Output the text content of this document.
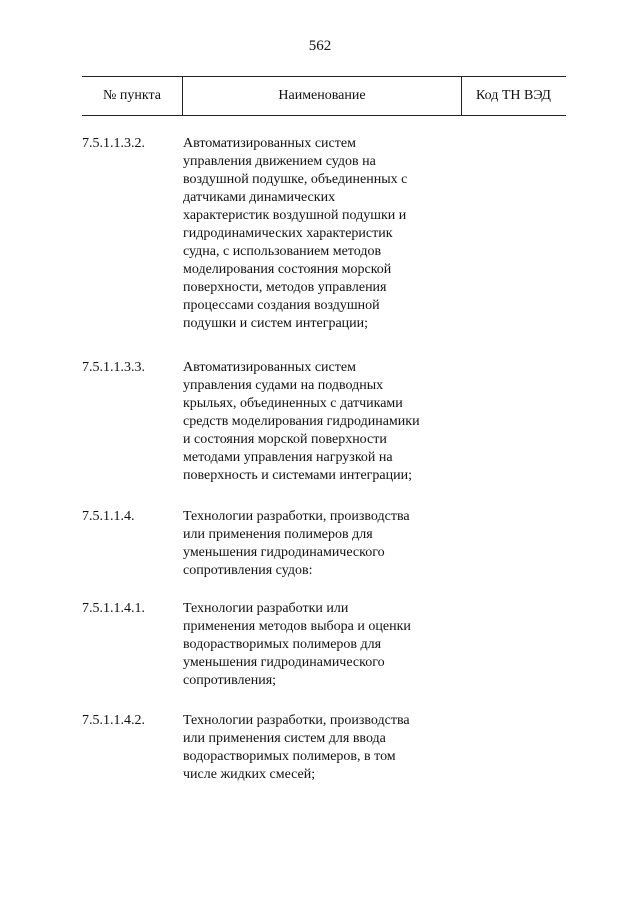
562
№ пункта	Наименование	Код ТН ВЭД
7.5.1.1.3.2.	Автоматизированных систем
управления движением судов на
воздушной подушке, объединенных с
датчиками динамических
характеристик воздушной подушки и
гидродинамических характеристик
судна, с использованием методов
моделирования состояния морской
поверхности, методов управления
процессами создания воздушной
подушки и систем интеграции;
7.5.1.1.3.3.	Автоматизированных систем
управления судами на подводных
крыльях, объединенных с датчиками
средств моделирования гидродинамики
и состояния морской поверхности
методами управления нагрузкой на
поверхность и системами интеграции;
7.5.1.1.4.	Технологии разработки, производства
или применения полимеров для
уменьшения гидродинамического
сопротивления судов:
7.5.1.1.4.1.	Технологии разработки или
применения методов выбора и оценки
водорастворимых полимеров для
уменьшения гидродинамического
сопротивления;
7.5.1.1.4.2.	Технологии разработки, производства
или применения систем для ввода
водорастворимых полимеров, в том
числе жидких смесей;
